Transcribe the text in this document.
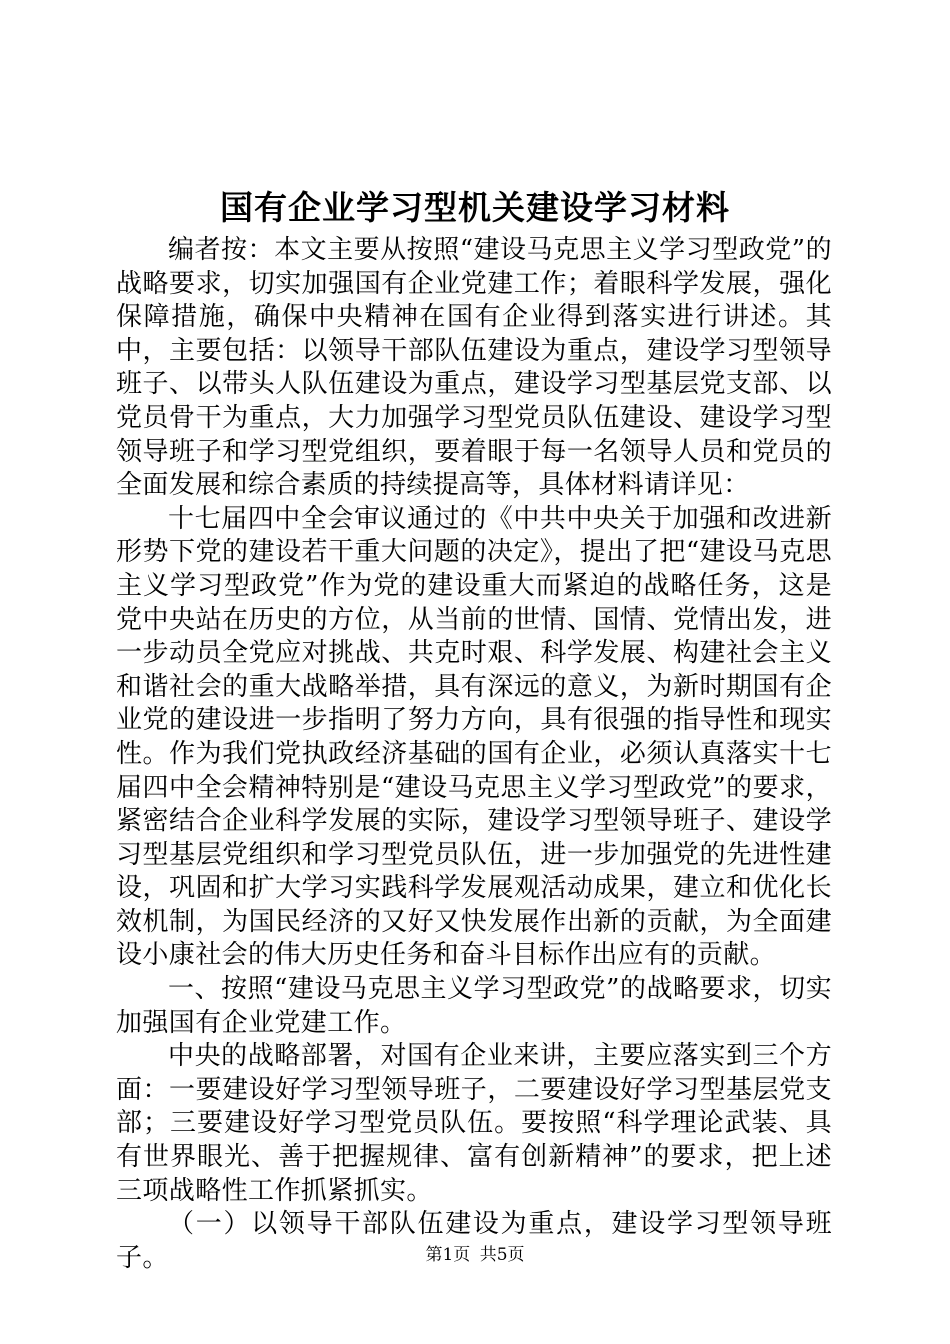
国有企业学习型机关建设学习材料

编者按：本文主要从按照“建设马克思主义学习型政党”的战略要求，切实加强国有企业党建工作；着眼科学发展，强化保障措施，确保中央精神在国有企业得到落实进行讲述。其中，主要包括：以领导干部队伍建设为重点，建设学习型领导班子、以带头人队伍建设为重点，建设学习型基层党支部、以党员骨干为重点，大力加强学习型党员队伍建设、建设学习型领导班子和学习型党组织，要着眼于每一名领导人员和党员的全面发展和综合素质的持续提高等，具体材料请详见：

十七届四中全会审议通过的《中共中央关于加强和改进新形势下党的建设若干重大问题的决定》，提出了把“建设马克思主义学习型政党”作为党的建设重大而紧迫的战略任务，这是党中央站在历史的方位，从当前的世情、国情、党情出发，进一步动员全党应对挑战、共克时艰、科学发展、构建社会主义和谐社会的重大战略举措，具有深远的意义，为新时期国有企业党的建设进一步指明了努力方向，具有很强的指导性和现实性。作为我们党执政经济基础的国有企业，必须认真落实十七届四中全会精神特别是“建设马克思主义学习型政党”的要求，紧密结合企业科学发展的实际，建设学习型领导班子、建设学习型基层党组织和学习型党员队伍，进一步加强党的先进性建设，巩固和扩大学习实践科学发展观活动成果，建立和优化长效机制，为国民经济的又好又快发展作出新的贡献，为全面建设小康社会的伟大历史任务和奋斗目标作出应有的贡献。

一、按照“建设马克思主义学习型政党”的战略要求，切实加强国有企业党建工作。

中央的战略部署，对国有企业来讲，主要应落实到三个方面：一要建设好学习型领导班子，二要建设好学习型基层党支部；三要建设好学习型党员队伍。要按照“科学理论武装、具有世界眼光、善于把握规律、富有创新精神”的要求，把上述三项战略性工作抓紧抓实。

（一）以领导干部队伍建设为重点，建设学习型领导班子。	第1页 共5页
